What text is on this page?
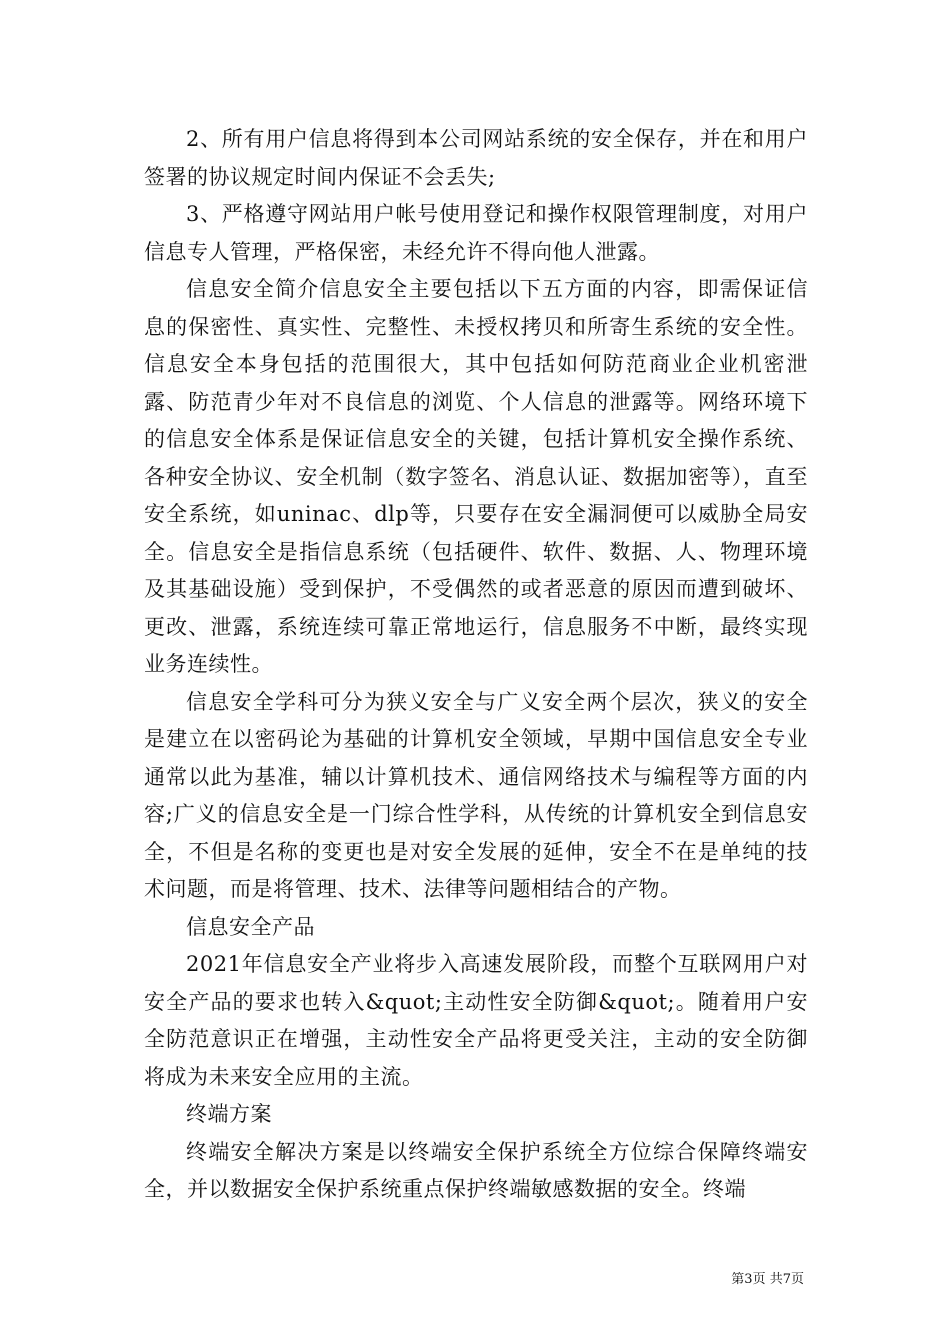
2、所有用户信息将得到本公司网站系统的安全保存，并在和用户签署的协议规定时间内保证不会丢失;

3、严格遵守网站用户帐号使用登记和操作权限管理制度，对用户信息专人管理，严格保密，未经允许不得向他人泄露。

信息安全简介信息安全主要包括以下五方面的内容，即需保证信息的保密性、真实性、完整性、未授权拷贝和所寄生系统的安全性。信息安全本身包括的范围很大，其中包括如何防范商业企业机密泄露、防范青少年对不良信息的浏览、个人信息的泄露等。网络环境下的信息安全体系是保证信息安全的关键，包括计算机安全操作系统、各种安全协议、安全机制（数字签名、消息认证、数据加密等），直至安全系统，如uninac、dlp等，只要存在安全漏洞便可以威胁全局安全。信息安全是指信息系统（包括硬件、软件、数据、人、物理环境及其基础设施）受到保护，不受偶然的或者恶意的原因而遭到破坏、更改、泄露，系统连续可靠正常地运行，信息服务不中断，最终实现业务连续性。

信息安全学科可分为狭义安全与广义安全两个层次，狭义的安全是建立在以密码论为基础的计算机安全领域，早期中国信息安全专业通常以此为基准，辅以计算机技术、通信网络技术与编程等方面的内容;广义的信息安全是一门综合性学科，从传统的计算机安全到信息安全，不但是名称的变更也是对安全发展的延伸，安全不在是单纯的技术问题，而是将管理、技术、法律等问题相结合的产物。

信息安全产品

2021年信息安全产业将步入高速发展阶段，而整个互联网用户对安全产品的要求也转入&quot;主动性安全防御&quot;。随着用户安全防范意识正在增强，主动性安全产品将更受关注，主动的安全防御将成为未来安全应用的主流。

终端方案

终端安全解决方案是以终端安全保护系统全方位综合保障终端安全，并以数据安全保护系统重点保护终端敏感数据的安全。终端

第3页 共7页
